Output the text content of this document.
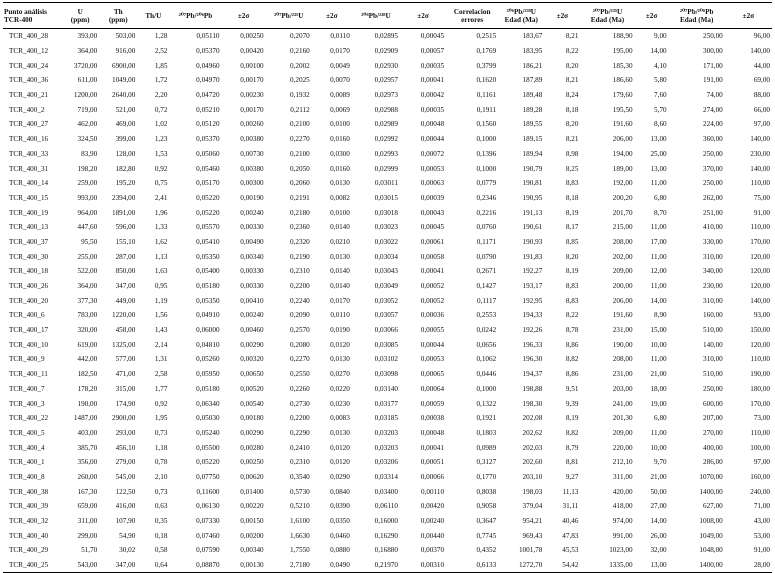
Punto análisis
TCR-400	U
(ppm)	Th
(ppm)	Th/U	²⁰⁷Pb/²⁰⁶Pb	±2σ	²⁰⁷Pb/²³⁵U	±2σ	²⁰⁶Pb/²³⁸U	±2σ	Correlacion
errores	²⁰⁶Pb/²³⁸U
Edad (Ma)	±2σ	²⁰⁷Pb/²³⁵U
Edad (Ma)	±2σ	²⁰⁷Pb/²⁰⁶Pb
Edad (Ma)	±2σ
TCR_400_28	393,00	503,00	1,28	0,05110	0,00250	0,2070	0,0110	0,02895	0,00045	0,2515	183,67	8,21	188,90	9,00	250,00	96,00
TCR_400_12	364,00	916,00	2,52	0,05370	0,00420	0,2160	0,0170	0,02909	0,00057	0,1769	183,95	8,22	195,00	14,00	300,00	140,00
TCR_400_24	3720,00	6900,00	1,85	0,04960	0,00100	0,2002	0,0049	0,02930	0,00035	0,3799	186,21	8,20	185,30	4,10	171,00	44,00
TCR_400_36	611,00	1049,00	1,72	0,04970	0,00170	0,2025	0,0070	0,02957	0,00041	0,1620	187,89	8,21	186,60	5,80	191,00	69,00
TCR_400_21	1200,00	2640,00	2,20	0,04720	0,00230	0,1932	0,0089	0,02973	0,00042	0,1161	189,48	8,24	179,60	7,60	74,00	88,00
TCR_400_2	719,00	521,00	0,72	0,05210	0,00170	0,2112	0,0069	0,02988	0,00035	0,1911	189,28	8,18	195,50	5,70	274,00	66,00
TCR_400_27	462,00	469,00	1,02	0,05120	0,00260	0,2100	0,0100	0,02989	0,00048	0,1560	189,55	8,20	191,60	8,60	224,00	97,00
TCR_400_16	324,50	399,00	1,23	0,05370	0,00380	0,2270	0,0160	0,02992	0,00044	0,1000	189,15	8,21	206,00	13,00	360,00	140,00
TCR_400_33	83,90	128,00	1,53	0,05060	0,00730	0,2100	0,0300	0,02993	0,00072	0,1396	189,94	8,98	194,00	25,00	250,00	230,00
TCR_400_31	198,20	182,80	0,92	0,05460	0,00380	0,2050	0,0160	0,02999	0,00053	0,1000	190,79	8,25	189,00	13,00	370,00	140,00
TCR_400_14	259,00	195,20	0,75	0,05170	0,00300	0,2060	0,0130	0,03011	0,00063	0,0779	190,81	8,83	192,00	11,00	250,00	110,00
TCR_400_15	993,00	2394,00	2,41	0,05220	0,00190	0,2191	0,0082	0,03015	0,00039	0,2346	190,95	8,18	200,20	6,80	262,00	75,00
TCR_400_19	964,00	1891,00	1,96	0,05220	0,00240	0,2180	0,0100	0,03018	0,00043	0,2216	191,13	8,19	201,70	8,70	251,00	91,00
TCR_400_13	447,60	596,00	1,33	0,05570	0,00330	0,2360	0,0140	0,03023	0,00045	0,0760	190,61	8,17	215,00	11,00	410,00	110,00
TCR_400_37	95,50	155,10	1,62	0,05410	0,00490	0,2320	0,0210	0,03022	0,00061	0,1171	190,93	8,85	208,00	17,00	330,00	170,00
TCR_400_30	255,00	287,00	1,13	0,05350	0,00340	0,2190	0,0130	0,03034	0,00058	0,0790	191,83	8,20	202,00	11,00	310,00	120,00
TCR_400_18	522,00	850,00	1,63	0,05400	0,00330	0,2310	0,0140	0,03043	0,00041	0,2671	192,27	8,19	209,00	12,00	340,00	120,00
TCR_400_26	364,00	347,00	0,95	0,05180	0,00330	0,2200	0,0140	0,03049	0,00052	0,1427	193,17	8,83	200,00	11,00	230,00	120,00
TCR_400_20	377,30	449,00	1,19	0,05350	0,00410	0,2240	0,0170	0,03052	0,00052	0,1117	192,95	8,83	206,00	14,00	310,00	140,00
TCR_400_6	783,00	1220,00	1,56	0,04910	0,00240	0,2090	0,0110	0,03057	0,00036	0,2553	194,33	8,22	191,60	8,90	160,00	93,00
TCR_400_17	320,00	458,00	1,43	0,06000	0,00460	0,2570	0,0190	0,03066	0,00055	0,0242	192,26	8,78	231,00	15,00	510,00	150,00
TCR_400_10	619,00	1325,00	2,14	0,04810	0,00290	0,2080	0,0120	0,03085	0,00044	0,0656	196,33	8,86	190,00	10,00	140,00	120,00
TCR_400_9	442,00	577,00	1,31	0,05260	0,00320	0,2270	0,0130	0,03102	0,00053	0,1062	196,30	8,82	208,00	11,00	310,00	110,00
TCR_400_11	182,50	471,00	2,58	0,05950	0,00650	0,2550	0,0270	0,03098	0,00065	0,0446	194,37	8,86	231,00	21,00	510,00	190,00
TCR_400_7	178,20	315,00	1,77	0,05180	0,00520	0,2260	0,0220	0,03140	0,00064	0,1000	198,88	9,51	203,00	18,00	250,00	180,00
TCR_400_3	190,00	174,90	0,92	0,06340	0,00540	0,2730	0,0230	0,03177	0,00059	0,1322	198,30	9,39	241,00	19,00	600,00	170,00
TCR_400_22	1487,00	2900,00	1,95	0,05030	0,00180	0,2200	0,0083	0,03185	0,00038	0,1921	202,08	8,19	201,30	6,80	207,00	73,00
TCR_400_5	403,00	293,00	0,73	0,05240	0,00290	0,2290	0,0130	0,03203	0,00048	0,1803	202,62	8,82	209,00	11,00	270,00	110,00
TCR_400_4	385,70	456,10	1,18	0,05500	0,00280	0,2410	0,0120	0,03203	0,00041	0,0989	202,03	8,79	220,00	10,00	400,00	100,00
TCR_400_1	356,00	279,00	0,78	0,05220	0,00250	0,2310	0,0120	0,03206	0,00051	0,3127	202,60	8,81	212,10	9,70	286,00	97,00
TCR_400_8	260,00	545,00	2,10	0,07750	0,00620	0,3540	0,0290	0,03314	0,00066	0,1770	203,10	9,27	311,00	21,00	1070,00	160,00
TCR_400_38	167,30	122,50	0,73	0,11600	0,01400	0,5730	0,0840	0,03400	0,00110	0,8038	198,03	11,13	420,00	50,00	1400,00	240,00
TCR_400_39	659,00	416,00	0,63	0,06130	0,00220	0,5210	0,0390	0,06110	0,00420	0,9058	379,04	31,11	418,00	27,00	627,00	71,00
TCR_400_32	311,00	107,90	0,35	0,07330	0,00150	1,6100	0,0350	0,16000	0,00240	0,3647	954,21	40,46	974,00	14,00	1008,00	43,00
TCR_400_40	299,00	54,90	0,18	0,07460	0,00200	1,6630	0,0460	0,16290	0,00440	0,7745	969,43	47,83	991,00	26,00	1049,00	53,00
TCR_400_29	51,70	30,02	0,58	0,07590	0,00340	1,7550	0,0880	0,16880	0,00370	0,4352	1001,78	45,53	1023,00	32,00	1048,00	91,00
TCR_400_25	543,00	347,00	0,64	0,08870	0,00130	2,7180	0,0490	0,21970	0,00310	0,6133	1272,70	54,42	1335,00	13,00	1400,00	28,00
